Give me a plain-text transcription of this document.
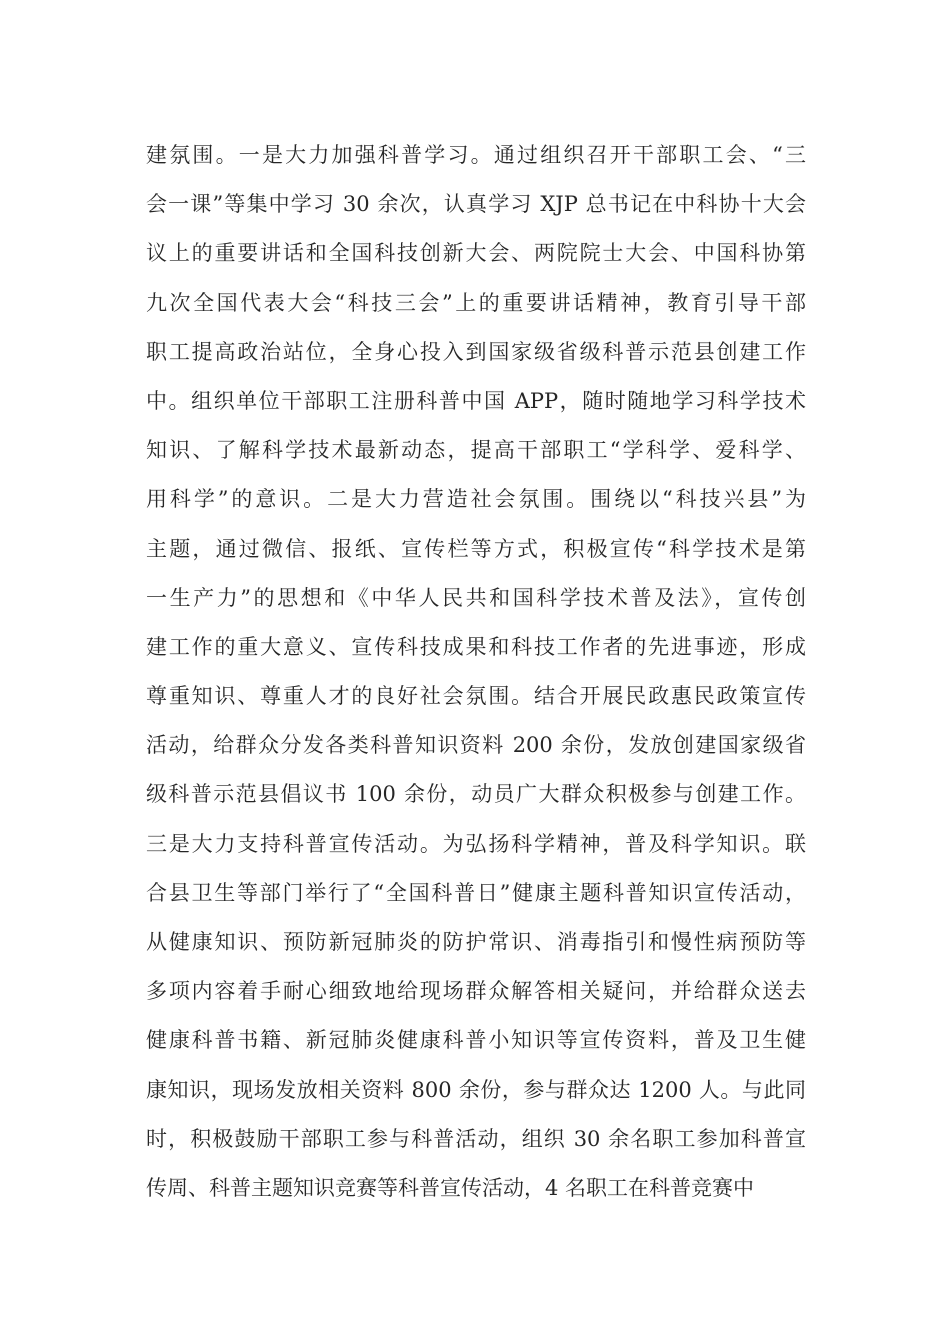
建氛围。一是大力加强科普学习。通过组织召开干部职工会、“三
会一课”等集中学习 30 余次，认真学习 XJP 总书记在中科协十大会
议上的重要讲话和全国科技创新大会、两院院士大会、中国科协第
九次全国代表大会“科技三会”上的重要讲话精神，教育引导干部
职工提高政治站位，全身心投入到国家级省级科普示范县创建工作
中。组织单位干部职工注册科普中国 APP，随时随地学习科学技术
知识、了解科学技术最新动态，提高干部职工“学科学、爱科学、
用科学”的意识。二是大力营造社会氛围。围绕以“科技兴县”为
主题，通过微信、报纸、宣传栏等方式，积极宣传“科学技术是第
一生产力”的思想和《中华人民共和国科学技术普及法》，宣传创
建工作的重大意义、宣传科技成果和科技工作者的先进事迹，形成
尊重知识、尊重人才的良好社会氛围。结合开展民政惠民政策宣传
活动，给群众分发各类科普知识资料 200 余份，发放创建国家级省
级科普示范县倡议书 100 余份，动员广大群众积极参与创建工作。
三是大力支持科普宣传活动。为弘扬科学精神，普及科学知识。联
合县卫生等部门举行了“全国科普日”健康主题科普知识宣传活动，
从健康知识、预防新冠肺炎的防护常识、消毒指引和慢性病预防等
多项内容着手耐心细致地给现场群众解答相关疑问，并给群众送去
健康科普书籍、新冠肺炎健康科普小知识等宣传资料，普及卫生健
康知识，现场发放相关资料 800 余份，参与群众达 1200 人。与此同
时，积极鼓励干部职工参与科普活动，组织 30 余名职工参加科普宣
传周、科普主题知识竞赛等科普宣传活动，4 名职工在科普竞赛中
